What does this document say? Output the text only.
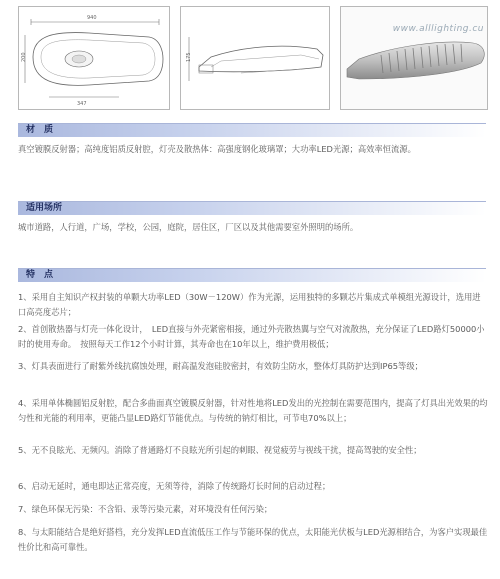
940
200
347
175
www.alllighting.cu
材　质

真空镀膜反射器；高纯度铝质反射腔，灯壳及散热体：高强度钢化玻璃罩；大功率LED光源；高效率恒流源。

适用场所

城市道路，人行道，广场，学校，公园，庭院，居住区，厂区以及其他需要室外照明的场所。

特　点

1、采用自主知识产权封装的单颗大功率LED（30W－120W）作为光源，运用独特的多颗芯片集成式单模组光源设计，选用进口高亮度芯片；

2、首创散热器与灯壳一体化设计，　LED直接与外壳紧密相接，通过外壳散热翼与空气对流散热，充分保证了LED路灯50000小时的使用寿命。　按照每天工作12个小时计算，其寿命也在10年以上，维护费用极低；

3、灯具表面进行了耐紫外线抗腐蚀处理，耐高温发泡硅胶密封，有效防尘防水，整体灯具防护达到IP65等级；

4、采用单体椭圆铝反射腔，配合多曲面真空镀膜反射器，针对性地将LED发出的光控制在需要范围内，提高了灯具出光效果的均匀性和光能的利用率，更能凸显LED路灯节能优点。与传统的钠灯相比，可节电70%以上；

5、无不良眩光、无频闪。消除了普通路灯不良眩光所引起的刺眼、视觉疲劳与视线干扰，提高驾驶的安全性；

6、启动无延时，通电即达正常亮度，无须等待，消除了传统路灯长时间的启动过程；

7、绿色环保无污染：不含铅、汞等污染元素，对环境没有任何污染；

8、与太阳能结合是绝好搭档，充分发挥LED直流低压工作与节能环保的优点，太阳能光伏板与LED光源相结合，为客户实现最佳性价比和高可靠性。
